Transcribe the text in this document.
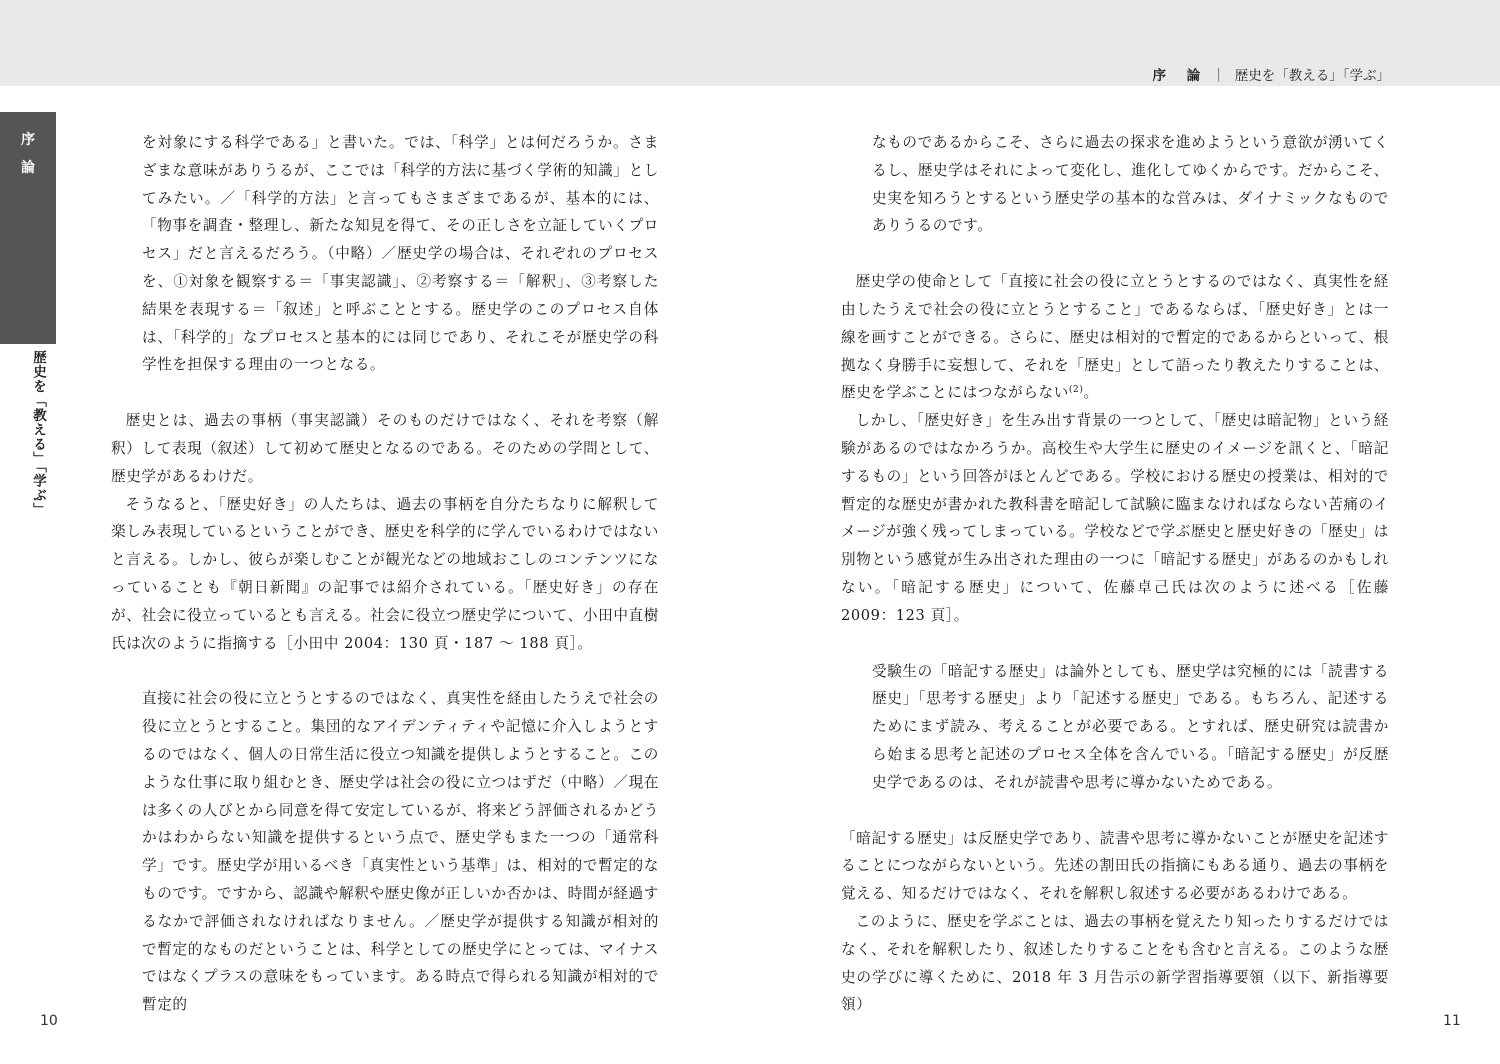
序 論 | 歴史を「教える」「学ぶ」
序
論
歴史を「教える」「学ぶ」

を対象にする科学である」と書いた。では、「科学」とは何だろうか。さまざまな意味がありうるが、ここでは「科学的方法に基づく学術的知識」としてみたい。／「科学的方法」と言ってもさまざまであるが、基本的には、「物事を調査・整理し、新たな知見を得て、その正しさを立証していくプロセス」だと言えるだろう。（中略）／歴史学の場合は、それぞれのプロセスを、①対象を観察する＝「事実認識」、②考察する＝「解釈」、③考察した結果を表現する＝「叙述」と呼ぶこととする。歴史学のこのプロセス自体は、「科学的」なプロセスと基本的には同じであり、それこそが歴史学の科学性を担保する理由の一つとなる。

歴史とは、過去の事柄（事実認識）そのものだけではなく、それを考察（解釈）して表現（叙述）して初めて歴史となるのである。そのための学問として、歴史学があるわけだ。

そうなると、「歴史好き」の人たちは、過去の事柄を自分たちなりに解釈して楽しみ表現しているということができ、歴史を科学的に学んでいるわけではないと言える。しかし、彼らが楽しむことが観光などの地域おこしのコンテンツになっていることも『朝日新聞』の記事では紹介されている。「歴史好き」の存在が、社会に役立っているとも言える。社会に役立つ歴史学について、小田中直樹氏は次のように指摘する［小田中 2004：130 頁・187 〜 188 頁］。

直接に社会の役に立とうとするのではなく、真実性を経由したうえで社会の役に立とうとすること。集団的なアイデンティティや記憶に介入しようとするのではなく、個人の日常生活に役立つ知識を提供しようとすること。このような仕事に取り組むとき、歴史学は社会の役に立つはずだ（中略）／現在は多くの人びとから同意を得て安定しているが、将来どう評価されるかどうかはわからない知識を提供するという点で、歴史学もまた一つの「通常科学」です。歴史学が用いるべき「真実性という基準」は、相対的で暫定的なものです。ですから、認識や解釈や歴史像が正しいか否かは、時間が経過するなかで評価されなければなりません。／歴史学が提供する知識が相対的で暫定的なものだということは、科学としての歴史学にとっては、マイナスではなくプラスの意味をもっています。ある時点で得られる知識が相対的で暫定的

なものであるからこそ、さらに過去の探求を進めようという意欲が湧いてくるし、歴史学はそれによって変化し、進化してゆくからです。だからこそ、史実を知ろうとするという歴史学の基本的な営みは、ダイナミックなものでありうるのです。

歴史学の使命として「直接に社会の役に立とうとするのではなく、真実性を経由したうえで社会の役に立とうとすること」であるならば、「歴史好き」とは一線を画すことができる。さらに、歴史は相対的で暫定的であるからといって、根拠なく身勝手に妄想して、それを「歴史」として語ったり教えたりすることは、歴史を学ぶことにはつながらない$^{(2)}$。

しかし、「歴史好き」を生み出す背景の一つとして、「歴史は暗記物」という経験があるのではなかろうか。高校生や大学生に歴史のイメージを訊くと、「暗記するもの」という回答がほとんどである。学校における歴史の授業は、相対的で暫定的な歴史が書かれた教科書を暗記して試験に臨まなければならない苦痛のイメージが強く残ってしまっている。学校などで学ぶ歴史と歴史好きの「歴史」は別物という感覚が生み出された理由の一つに「暗記する歴史」があるのかもしれない。「暗記する歴史」について、佐藤卓己氏は次のように述べる［佐藤 2009：123 頁］。

受験生の「暗記する歴史」は論外としても、歴史学は究極的には「読書する歴史」「思考する歴史」より「記述する歴史」である。もちろん、記述するためにまず読み、考えることが必要である。とすれば、歴史研究は読書から始まる思考と記述のプロセス全体を含んでいる。「暗記する歴史」が反歴史学であるのは、それが読書や思考に導かないためである。

「暗記する歴史」は反歴史学であり、読書や思考に導かないことが歴史を記述することにつながらないという。先述の割田氏の指摘にもある通り、過去の事柄を覚える、知るだけではなく、それを解釈し叙述する必要があるわけである。

このように、歴史を学ぶことは、過去の事柄を覚えたり知ったりするだけではなく、それを解釈したり、叙述したりすることをも含むと言える。このような歴史の学びに導くために、2018 年 3 月告示の新学習指導要領（以下、新指導要領）

10	11
